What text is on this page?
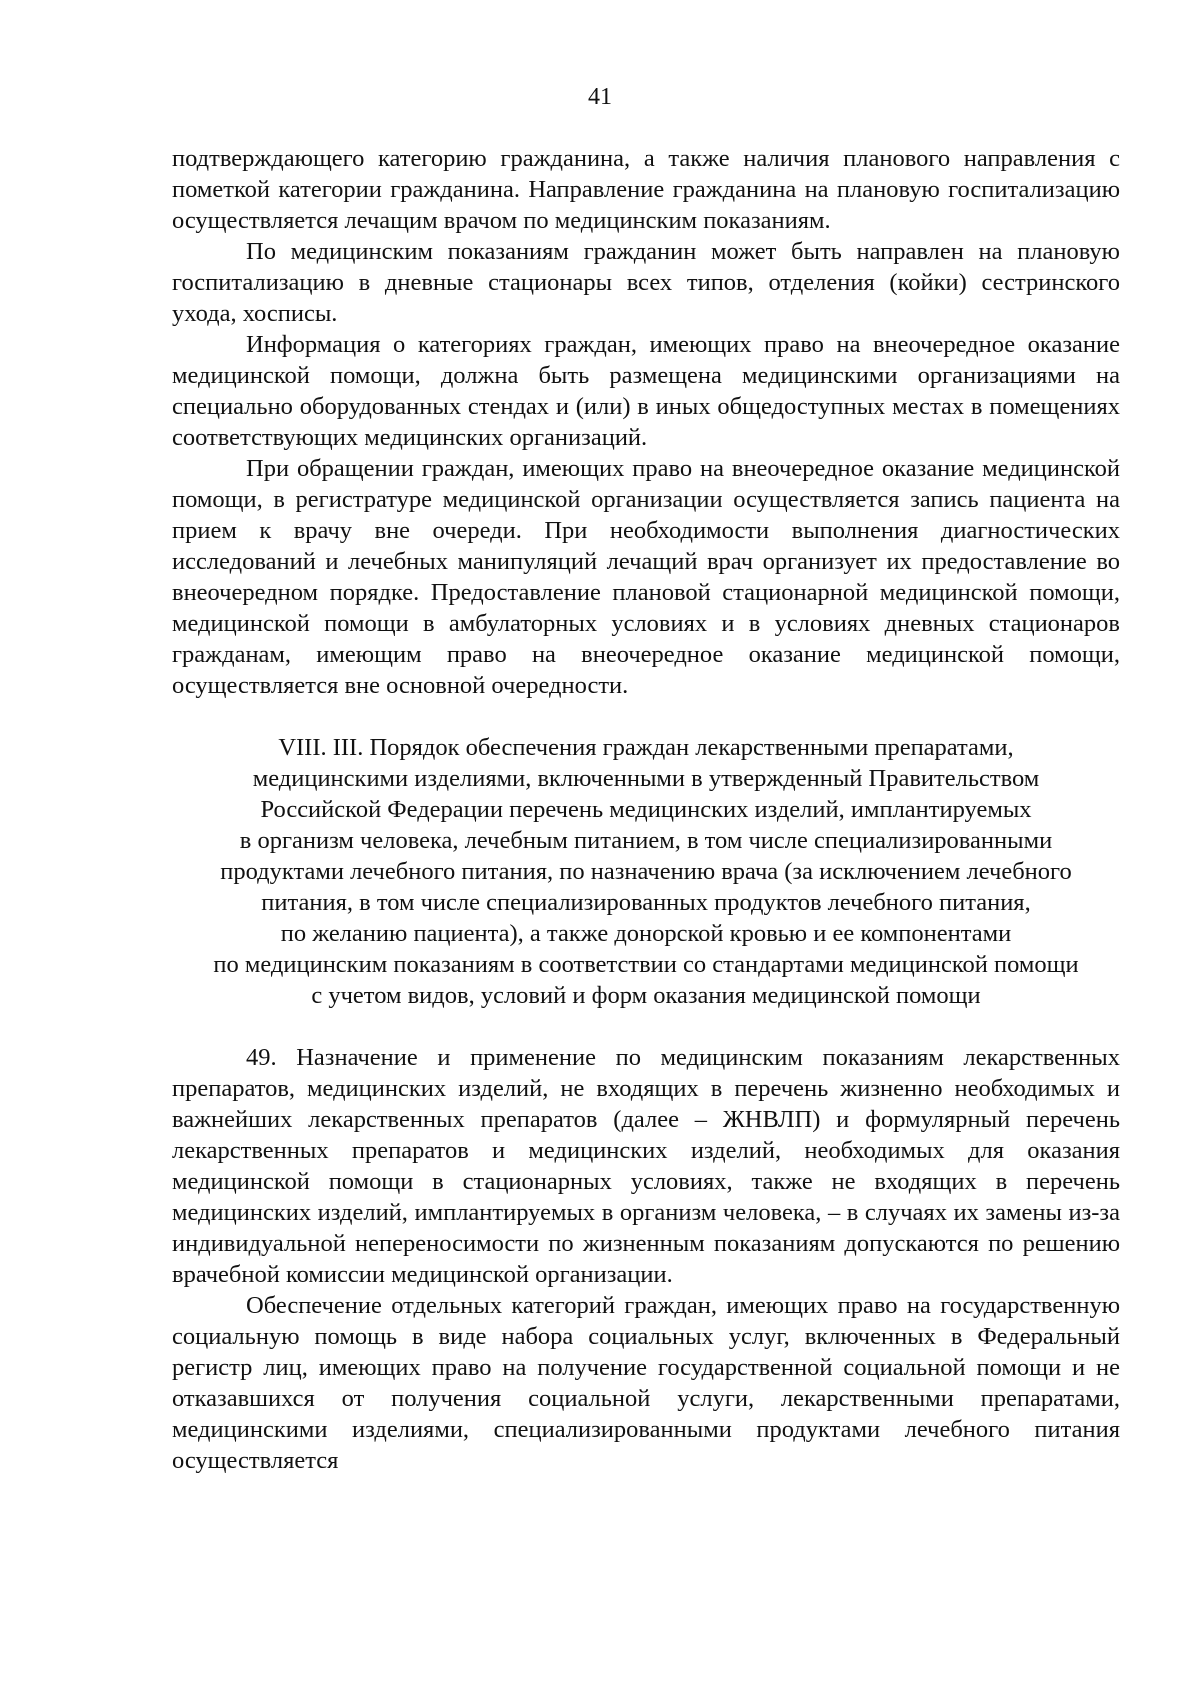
41

подтверждающего категорию гражданина, а также наличия планового направления с пометкой категории гражданина. Направление гражданина на плановую госпитализацию осуществляется лечащим врачом по медицинским показаниям.

По медицинским показаниям гражданин может быть направлен на плановую госпитализацию в дневные стационары всех типов, отделения (койки) сестринского ухода, хосписы.

Информация о категориях граждан, имеющих право на внеочередное оказание медицинской помощи, должна быть размещена медицинскими организациями на специально оборудованных стендах и (или) в иных общедоступных местах в помещениях соответствующих медицинских организаций.

При обращении граждан, имеющих право на внеочередное оказание медицинской помощи, в регистратуре медицинской организации осуществляется запись пациента на прием к врачу вне очереди. При необходимости выполнения диагностических исследований и лечебных манипуляций лечащий врач организует их предоставление во внеочередном порядке. Предоставление плановой стационарной медицинской помощи, медицинской помощи в амбулаторных условиях и в условиях дневных стационаров гражданам, имеющим право на внеочередное оказание медицинской помощи, осуществляется вне основной очередности.

VIII. III. Порядок обеспечения граждан лекарственными препаратами,
медицинскими изделиями, включенными в утвержденный Правительством
Российской Федерации перечень медицинских изделий, имплантируемых
в организм человека, лечебным питанием, в том числе специализированными
продуктами лечебного питания, по назначению врача (за исключением лечебного
питания, в том числе специализированных продуктов лечебного питания,
по желанию пациента), а также донорской кровью и ее компонентами
по медицинским показаниям в соответствии со стандартами медицинской помощи
с учетом видов, условий и форм оказания медицинской помощи

49. Назначение и применение по медицинским показаниям лекарственных препаратов, медицинских изделий, не входящих в перечень жизненно необходимых и важнейших лекарственных препаратов (далее – ЖНВЛП) и формулярный перечень лекарственных препаратов и медицинских изделий, необходимых для оказания медицинской помощи в стационарных условиях, также не входящих в перечень медицинских изделий, имплантируемых в организм человека, – в случаях их замены из-за индивидуальной непереносимости по жизненным показаниям допускаются по решению врачебной комиссии медицинской организации.

Обеспечение отдельных категорий граждан, имеющих право на государственную социальную помощь в виде набора социальных услуг, включенных в Федеральный регистр лиц, имеющих право на получение государственной социальной помощи и не отказавшихся от получения социальной услуги, лекарственными препаратами, медицинскими изделиями, специализированными продуктами лечебного питания осуществляется
